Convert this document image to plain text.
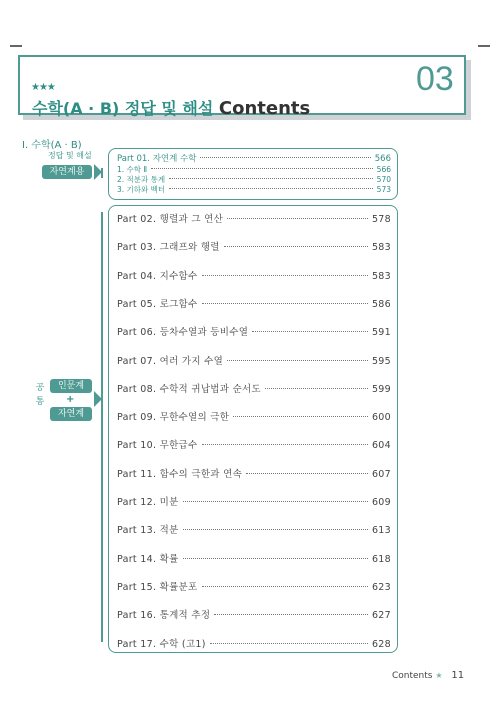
★★★
수학(A · B) 정답 및 해설 Contents
03
I. 수학(A · B)
정답 및 해설
자연계용
공
통
인문계
+
자연계
Part 01. 자연계 수학	566
1. 수학 Ⅱ	566
2. 적분과 통계	570
3. 기하와 벡터	573
Part 02. 행렬과 그 연산	578
Part 03. 그래프와 행렬	583
Part 04. 지수함수	583
Part 05. 로그함수	586
Part 06. 등차수열과 등비수열	591
Part 07. 여러 가지 수열	595
Part 08. 수학적 귀납법과 순서도	599
Part 09. 무한수열의 극한	600
Part 10. 무한급수	604
Part 11. 함수의 극한과 연속	607
Part 12. 미분	609
Part 13. 적분	613
Part 14. 확률	618
Part 15. 확률분포	623
Part 16. 통계적 추정	627
Part 17. 수학 (고1)	628
Contents ★ 11
